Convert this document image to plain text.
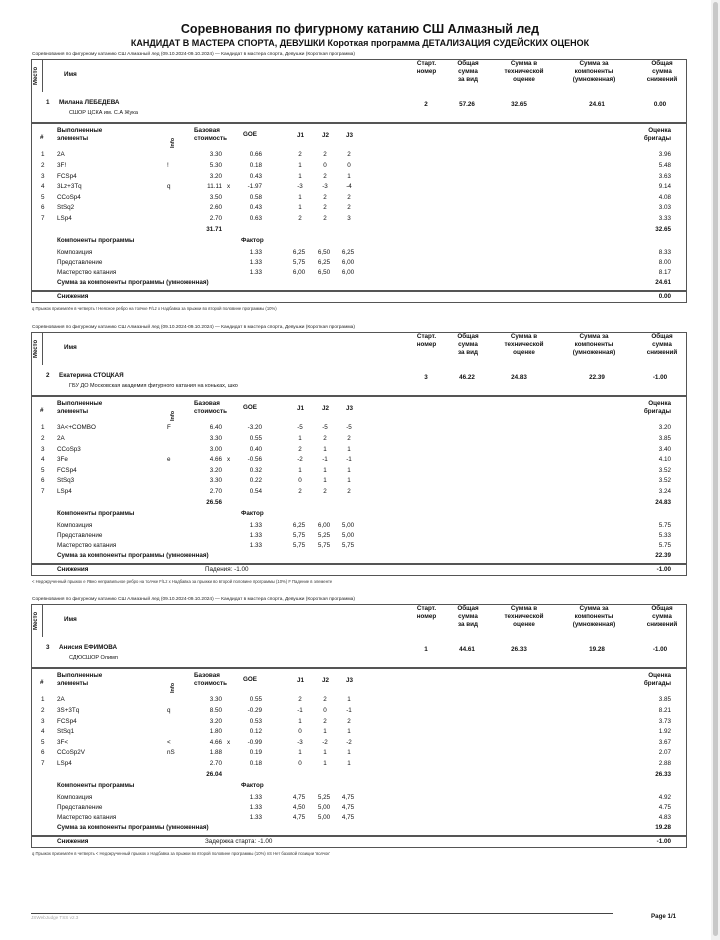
Соревнования по фигурному катанию СШ Алмазный лед
КАНДИДАТ В МАСТЕРА СПОРТА, ДЕВУШКИ Короткая программа ДЕТАЛИЗАЦИЯ СУДЕЙСКИХ ОЦЕНОК
Соревнования по фигурному катанию СШ Алмазный лед (09.10.2024-09.10.2024) — Кандидат в мастера спорта, Девушки (Короткая программа)
Место	Имя
Старт.
номер
Общая
сумма
за вид
Сумма в
технической
оценке
Сумма за
компоненты
(умноженная)
Общая
сумма
снижений
1 Милана ЛЕБЕДЕВА
СШОР ЦСКА им. С.А Жука
2	57.26	32.65	24.61	0.00
#
Выполненные
элементы	Info
Базовая
стоимость
GOE	J1	J2	J3
Оценка
бригады
1 2A	3.30	0.66	2	2	2	3.96
2 3F!	!	5.30	0.18	1	0	0	5.48
3 FCSp4	3.20	0.43	1	2	1	3.63
4 3Lz+3Tq	q	11.11 x	-1.97	-3	-3	-4	9.14
5 CCoSp4	3.50	0.58	1	2	2	4.08
6 StSq2	2.60	0.43	1	2	2	3.03
7 LSp4	2.70	0.63	2	2	3	3.33
31.71	32.65
Компоненты программы	Фактор
Композиция	1.33	6,25	6,50	6,25	8.33
Представление	1.33	5,75	6,25	6,00	8.00
Мастерство катания	1.33	6,00	6,50	6,00	8.17
Сумма за компоненты программы (умноженная)	24.61
Снижения	0.00
q Прыжок приземлён в четверть ! Неясное ребро на толчке F/Lz x Надбавка за прыжки во второй половине программы (10%)
Соревнования по фигурному катанию СШ Алмазный лед (09.10.2024-09.10.2024) — Кандидат в мастера спорта, Девушки (Короткая программа)
Место	Имя
Старт.
номер
Общая
сумма
за вид
Сумма в
технической
оценке
Сумма за
компоненты
(умноженная)
Общая
сумма
снижений
2 Екатерина СТОЦКАЯ
ГБУ ДО Московская академия фигурного катания на коньках, шко
3	46.22	24.83	22.39	-1.00
#
Выполненные
элементы	Info
Базовая
стоимость
GOE	J1	J2	J3
Оценка
бригады
1 3A<+COMBO	F	6.40	-3.20	-5	-5	-5	3.20
2 2A	3.30	0.55	1	2	2	3.85
3 CCoSp3	3.00	0.40	2	1	1	3.40
4 3Fe	e	4.66 x	-0.56	-2	-1	-1	4.10
5 FCSp4	3.20	0.32	1	1	1	3.52
6 StSq3	3.30	0.22	0	1	1	3.52
7 LSp4	2.70	0.54	2	2	2	3.24
26.56	24.83
Компоненты программы	Фактор
Композиция	1.33	6,25	6,00	5,00	5.75
Представление	1.33	5,75	5,25	5,00	5.33
Мастерство катания	1.33	5,75	5,75	5,75	5.75
Сумма за компоненты программы (умноженная)	22.39
Снижения	Падения: -1.00	-1.00
< Недокрученный прыжок e Явно неправильное ребро на толчке F/Lz x Надбавка за прыжки во второй половине программы (10%) F Падение в элементе
Соревнования по фигурному катанию СШ Алмазный лед (09.10.2024-09.10.2024) — Кандидат в мастера спорта, Девушки (Короткая программа)
Место	Имя
Старт.
номер
Общая
сумма
за вид
Сумма в
технической
оценке
Сумма за
компоненты
(умноженная)
Общая
сумма
снижений
3 Анисия ЕФИМОВА
СДЮСШОР Олимп
1	44.61	26.33	19.28	-1.00
#
Выполненные
элементы	Info
Базовая
стоимость
GOE	J1	J2	J3
Оценка
бригады
1 2A	3.30	0.55	2	2	1	3.85
2 3S+3Tq	q	8.50	-0.29	-1	0	-1	8.21
3 FCSp4	3.20	0.53	1	2	2	3.73
4 StSq1	1.80	0.12	0	1	1	1.92
5 3F<	<	4.66 x	-0.99	-3	-2	-2	3.67
6 CCoSp2V	nS	1.88	0.19	1	1	1	2.07
7 LSp4	2.70	0.18	0	1	1	2.88
26.04	26.33
Компоненты программы	Фактор
Композиция	1.33	4,75	5,25	4,75	4.92
Представление	1.33	4,50	5,00	4,75	4.75
Мастерство катания	1.33	4,75	5,00	4,75	4.83
Сумма за компоненты программы (умноженная)	19.28
Снижения	Задержка старта: -1.00	-1.00
q Прыжок приземлён в четверть < Недокрученный прыжок x Надбавка за прыжки во второй половине программы (10%) nS Нет базовой позиции 'волчок'
JSWebJudge TSS v2.3	Page 1/1
